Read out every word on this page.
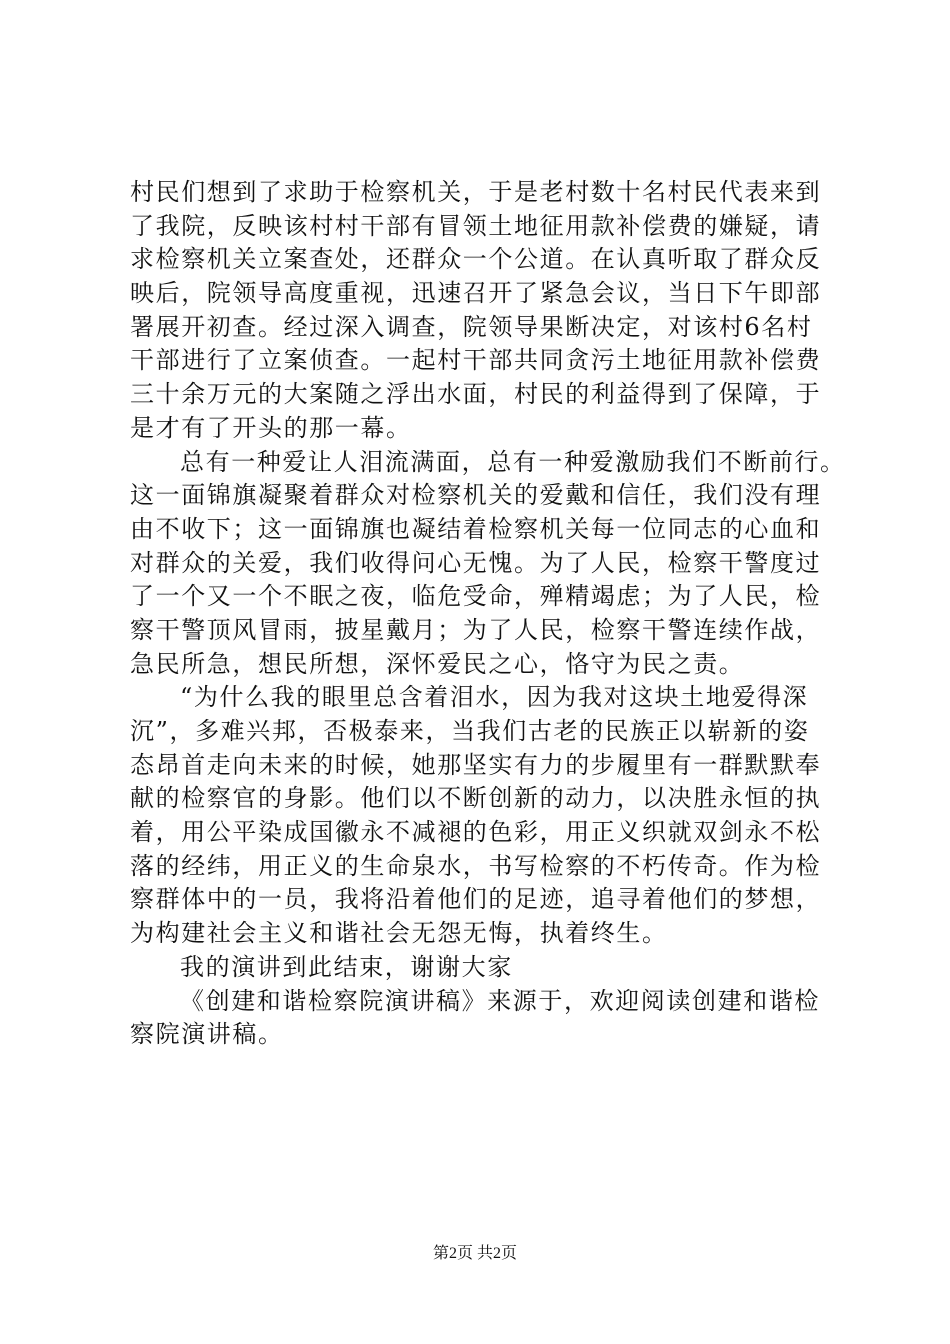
村民们想到了求助于检察机关，于是老村数十名村民代表来到
了我院，反映该村村干部有冒领土地征用款补偿费的嫌疑，请
求检察机关立案查处，还群众一个公道。在认真听取了群众反
映后，院领导高度重视，迅速召开了紧急会议，当日下午即部
署展开初查。经过深入调查，院领导果断决定，对该村6名村
干部进行了立案侦查。一起村干部共同贪污土地征用款补偿费
三十余万元的大案随之浮出水面，村民的利益得到了保障，于
是才有了开头的那一幕。
总有一种爱让人泪流满面，总有一种爱激励我们不断前行。
这一面锦旗凝聚着群众对检察机关的爱戴和信任，我们没有理
由不收下；这一面锦旗也凝结着检察机关每一位同志的心血和
对群众的关爱，我们收得问心无愧。为了人民，检察干警度过
了一个又一个不眠之夜，临危受命，殚精竭虑；为了人民，检
察干警顶风冒雨，披星戴月；为了人民，检察干警连续作战，
急民所急，想民所想，深怀爱民之心，恪守为民之责。
“为什么我的眼里总含着泪水，因为我对这块土地爱得深
沉”，多难兴邦，否极泰来，当我们古老的民族正以崭新的姿
态昂首走向未来的时候，她那坚实有力的步履里有一群默默奉
献的检察官的身影。他们以不断创新的动力，以决胜永恒的执
着，用公平染成国徽永不减褪的色彩，用正义织就双剑永不松
落的经纬，用正义的生命泉水，书写检察的不朽传奇。作为检
察群体中的一员，我将沿着他们的足迹，追寻着他们的梦想，
为构建社会主义和谐社会无怨无悔，执着终生。
我的演讲到此结束，谢谢大家
《创建和谐检察院演讲稿》来源于，欢迎阅读创建和谐检
察院演讲稿。
第2页 共2页
